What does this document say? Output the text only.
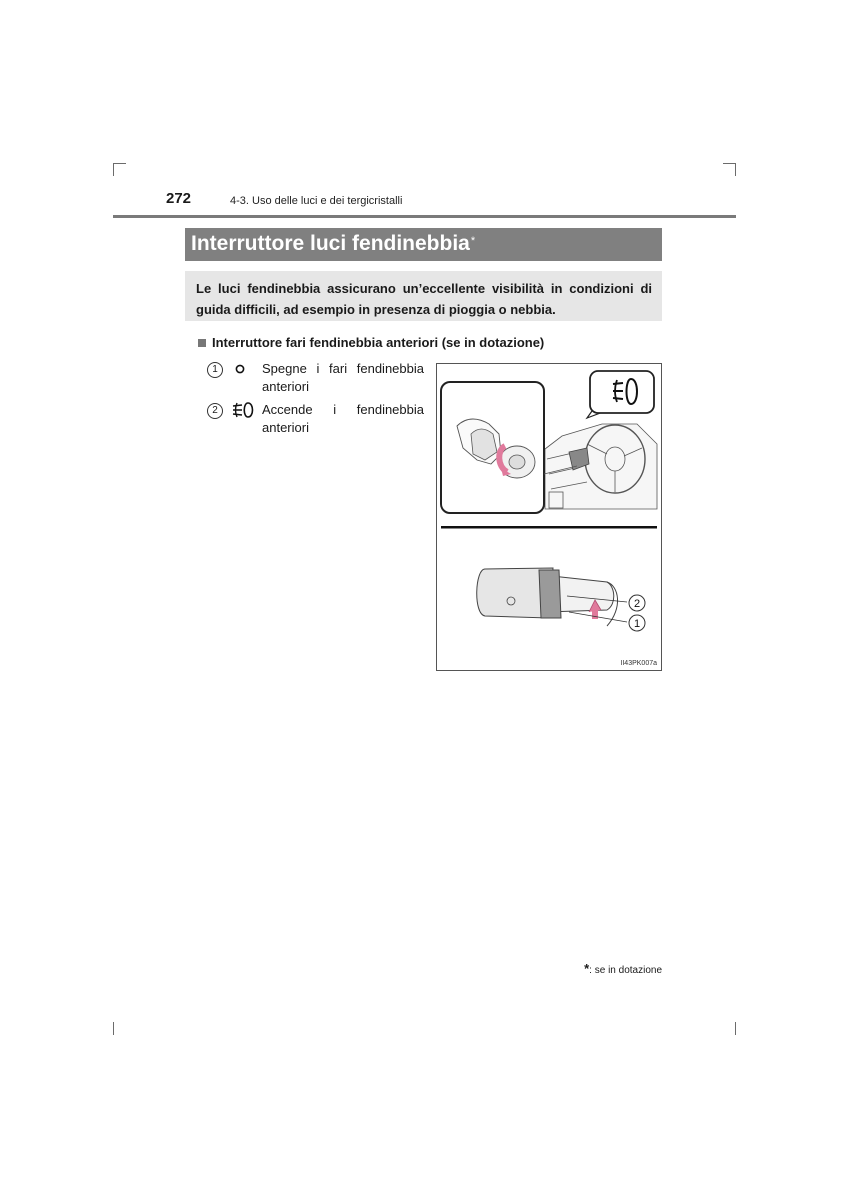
272	4-3. Uso delle luci e dei tergicristalli
Interruttore luci fendinebbia*
Le luci fendinebbia assicurano un’eccellente visibilità in condizioni di guida difficili, ad esempio in presenza di pioggia o nebbia.
Interruttore fari fendinebbia anteriori (se in dotazione)
1	Spegne i fari fendinebbia anteriori
2	Accende i fendinebbia anteriori
2
1
II43PK007a
*: se in dotazione
